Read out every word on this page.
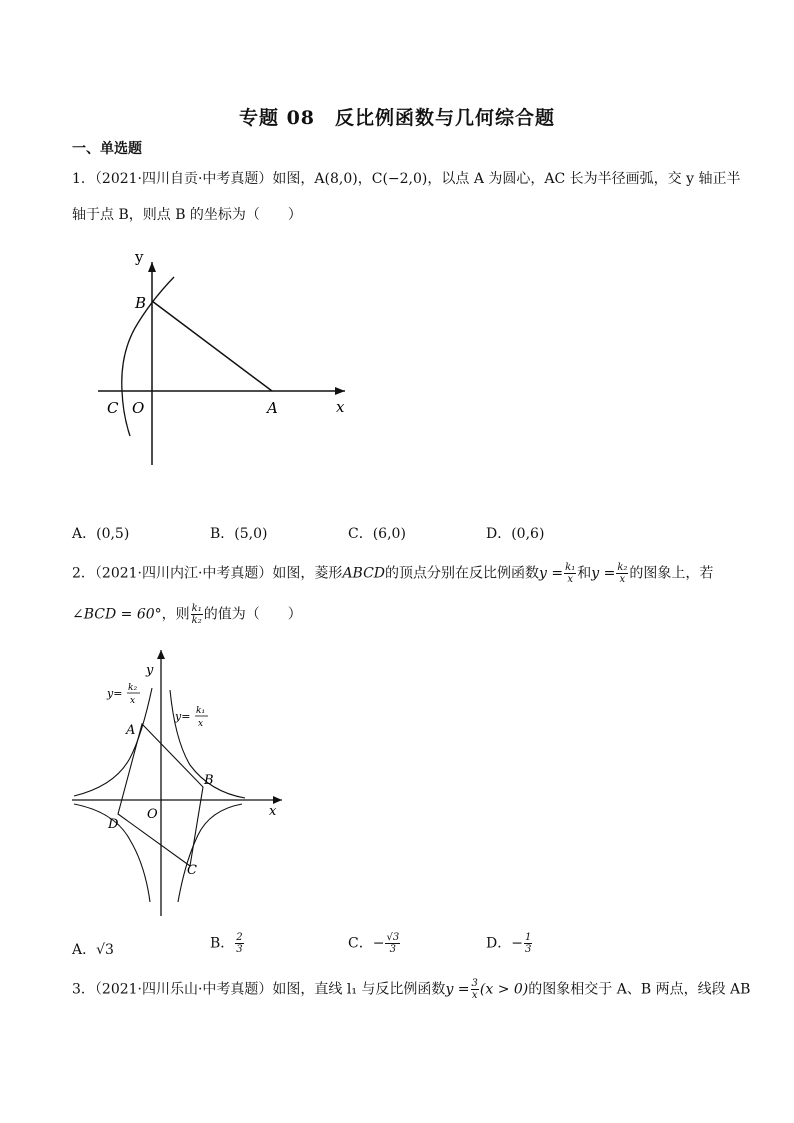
专题 08　反比例函数与几何综合题
一、单选题
1．（2021·四川自贡·中考真题）如图，A(8,0)，C(−2,0)，以点 A 为圆心，AC 长为半径画弧，交 y 轴正半
轴于点 B，则点 B 的坐标为（　　）
y
x
B
C O	A
A．(0,5)	B．(5,0)	C．(6,0)	D．(0,6)
2．（2021·四川内江·中考真题）如图，菱形ABCD的顶点分别在反比例函数$y = \frac{\text{k₁}}{x}$ 和$y = \frac{\text{k₂}}{x}$ 的图象上，若
∠BCD = 60°，则 $\frac{\text{k₁}}{\text{k₂}}$ 的值为（　　）
y
x
O
A
B
C
D
y= k₂
x
y= k₁
x
A．√3	B． $\frac{2}{3}$	C．− $\frac{√3}{3}$	D．− $\frac{1}{3}$
3．（2021·四川乐山·中考真题）如图，直线 l₁ 与反比例函数$y = \frac{3}{x} (x > 0)$的图象相交于 A、B 两点，线段 AB
